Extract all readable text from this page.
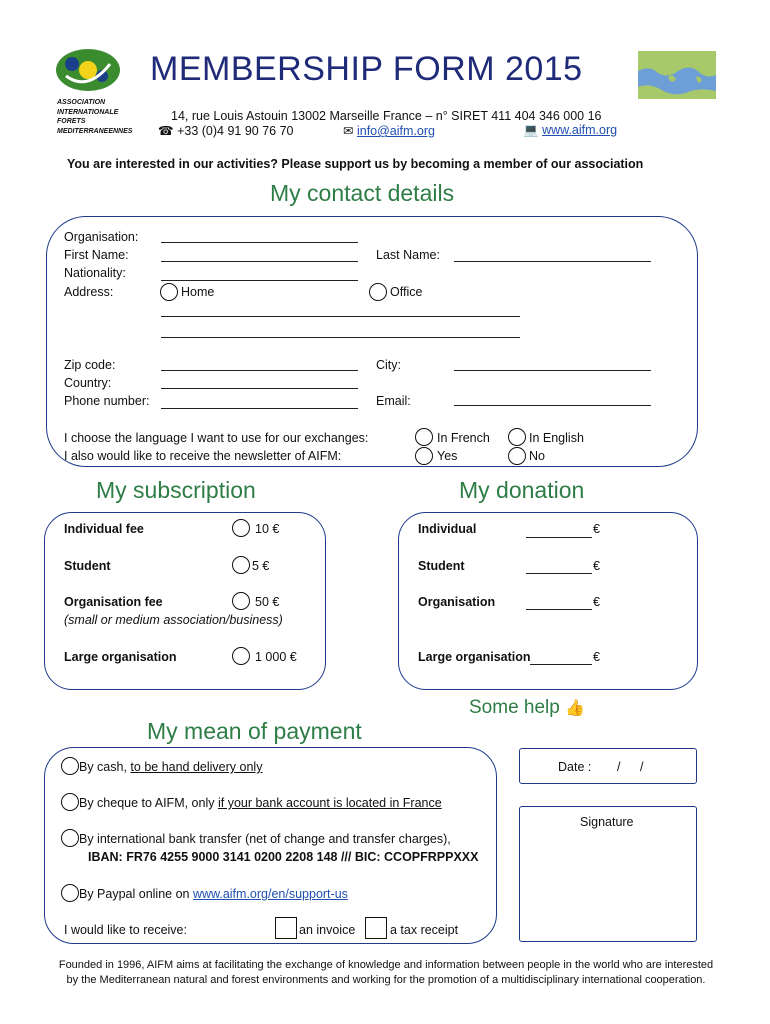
ASSOCIATION
INTERNATIONALE
FORETS
MEDITERRANEENNES
MEMBERSHIP FORM 2015
14, rue Louis Astouin 13002 Marseille France – n° SIRET 411 404 346 000 16
☎ +33 (0)4 91 90 76 70	✉ info@aifm.org	💻 www.aifm.org
You are interested in our activities? Please support us by becoming a member of our association
My contact details
Organisation:
First Name:	Last Name:
Nationality:
Address:	Home	Office
Zip code:	City:
Country:
Phone number:	Email:
I choose the language I want to use for our exchanges:	In French	In English
I also would like to receive the newsletter of AIFM:	Yes	No
My subscription
Individual fee	10 €
Student	5 €
Organisation fee	50 €
(small or medium association/business)
Large organisation	1 000 €
My donation
Individual	€
Student	€
Organisation	€
Large organisation	€
Some help 👍
Date : / /
Signature
My mean of payment
By cash, to be hand delivery only
By cheque to AIFM, only if your bank account is located in France
By international bank transfer (net of change and transfer charges),
IBAN: FR76 4255 9000 3141 0200 2208 148 /// BIC: CCOPFRPPXXX
By Paypal online on www.aifm.org/en/support-us
I would like to receive:	an invoice	a tax receipt
Founded in 1996, AIFM aims at facilitating the exchange of knowledge and information between people in the world who are interested by the Mediterranean natural and forest environments and working for the promotion of a multidisciplinary international cooperation.
